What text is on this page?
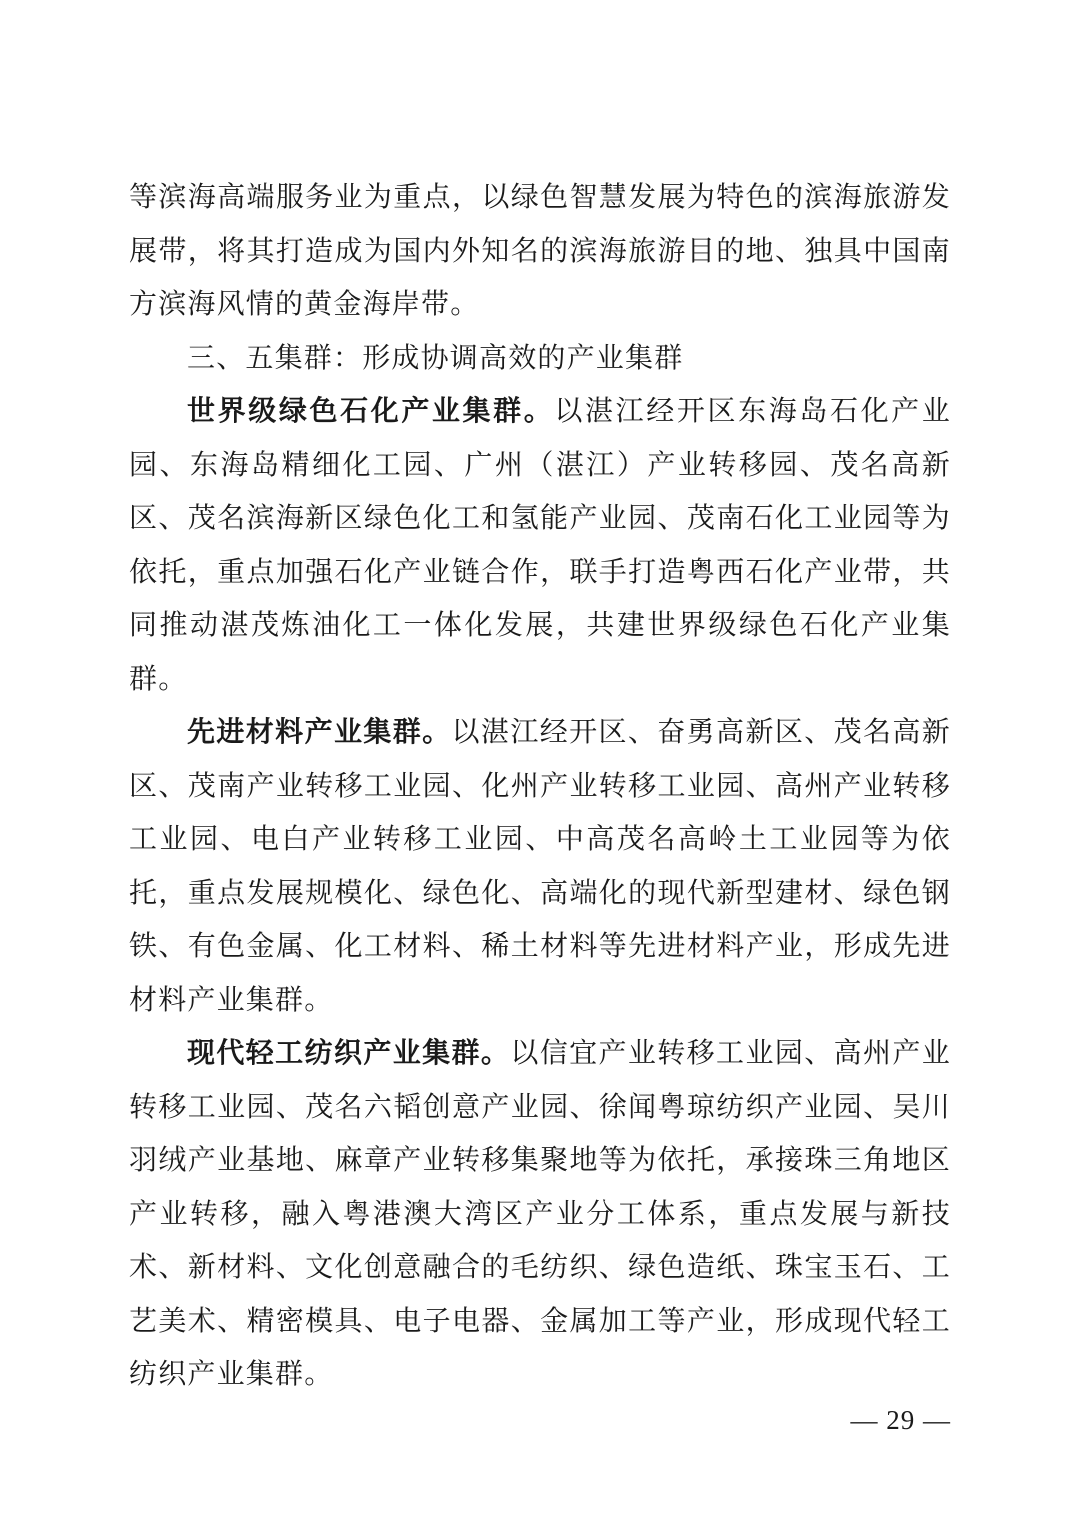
等滨海高端服务业为重点，以绿色智慧发展为特色的滨海旅游发展带，将其打造成为国内外知名的滨海旅游目的地、独具中国南方滨海风情的黄金海岸带。

三、五集群：形成协调高效的产业集群

世界级绿色石化产业集群。以湛江经开区东海岛石化产业园、东海岛精细化工园、广州（湛江）产业转移园、茂名高新区、茂名滨海新区绿色化工和氢能产业园、茂南石化工业园等为依托，重点加强石化产业链合作，联手打造粤西石化产业带，共同推动湛茂炼油化工一体化发展，共建世界级绿色石化产业集群。

先进材料产业集群。以湛江经开区、奋勇高新区、茂名高新区、茂南产业转移工业园、化州产业转移工业园、高州产业转移工业园、电白产业转移工业园、中高茂名高岭土工业园等为依托，重点发展规模化、绿色化、高端化的现代新型建材、绿色钢铁、有色金属、化工材料、稀土材料等先进材料产业，形成先进材料产业集群。

现代轻工纺织产业集群。以信宜产业转移工业园、高州产业转移工业园、茂名六韬创意产业园、徐闻粤琼纺织产业园、吴川羽绒产业基地、麻章产业转移集聚地等为依托，承接珠三角地区产业转移，融入粤港澳大湾区产业分工体系，重点发展与新技术、新材料、文化创意融合的毛纺织、绿色造纸、珠宝玉石、工艺美术、精密模具、电子电器、金属加工等产业，形成现代轻工纺织产业集群。

— 29 —
